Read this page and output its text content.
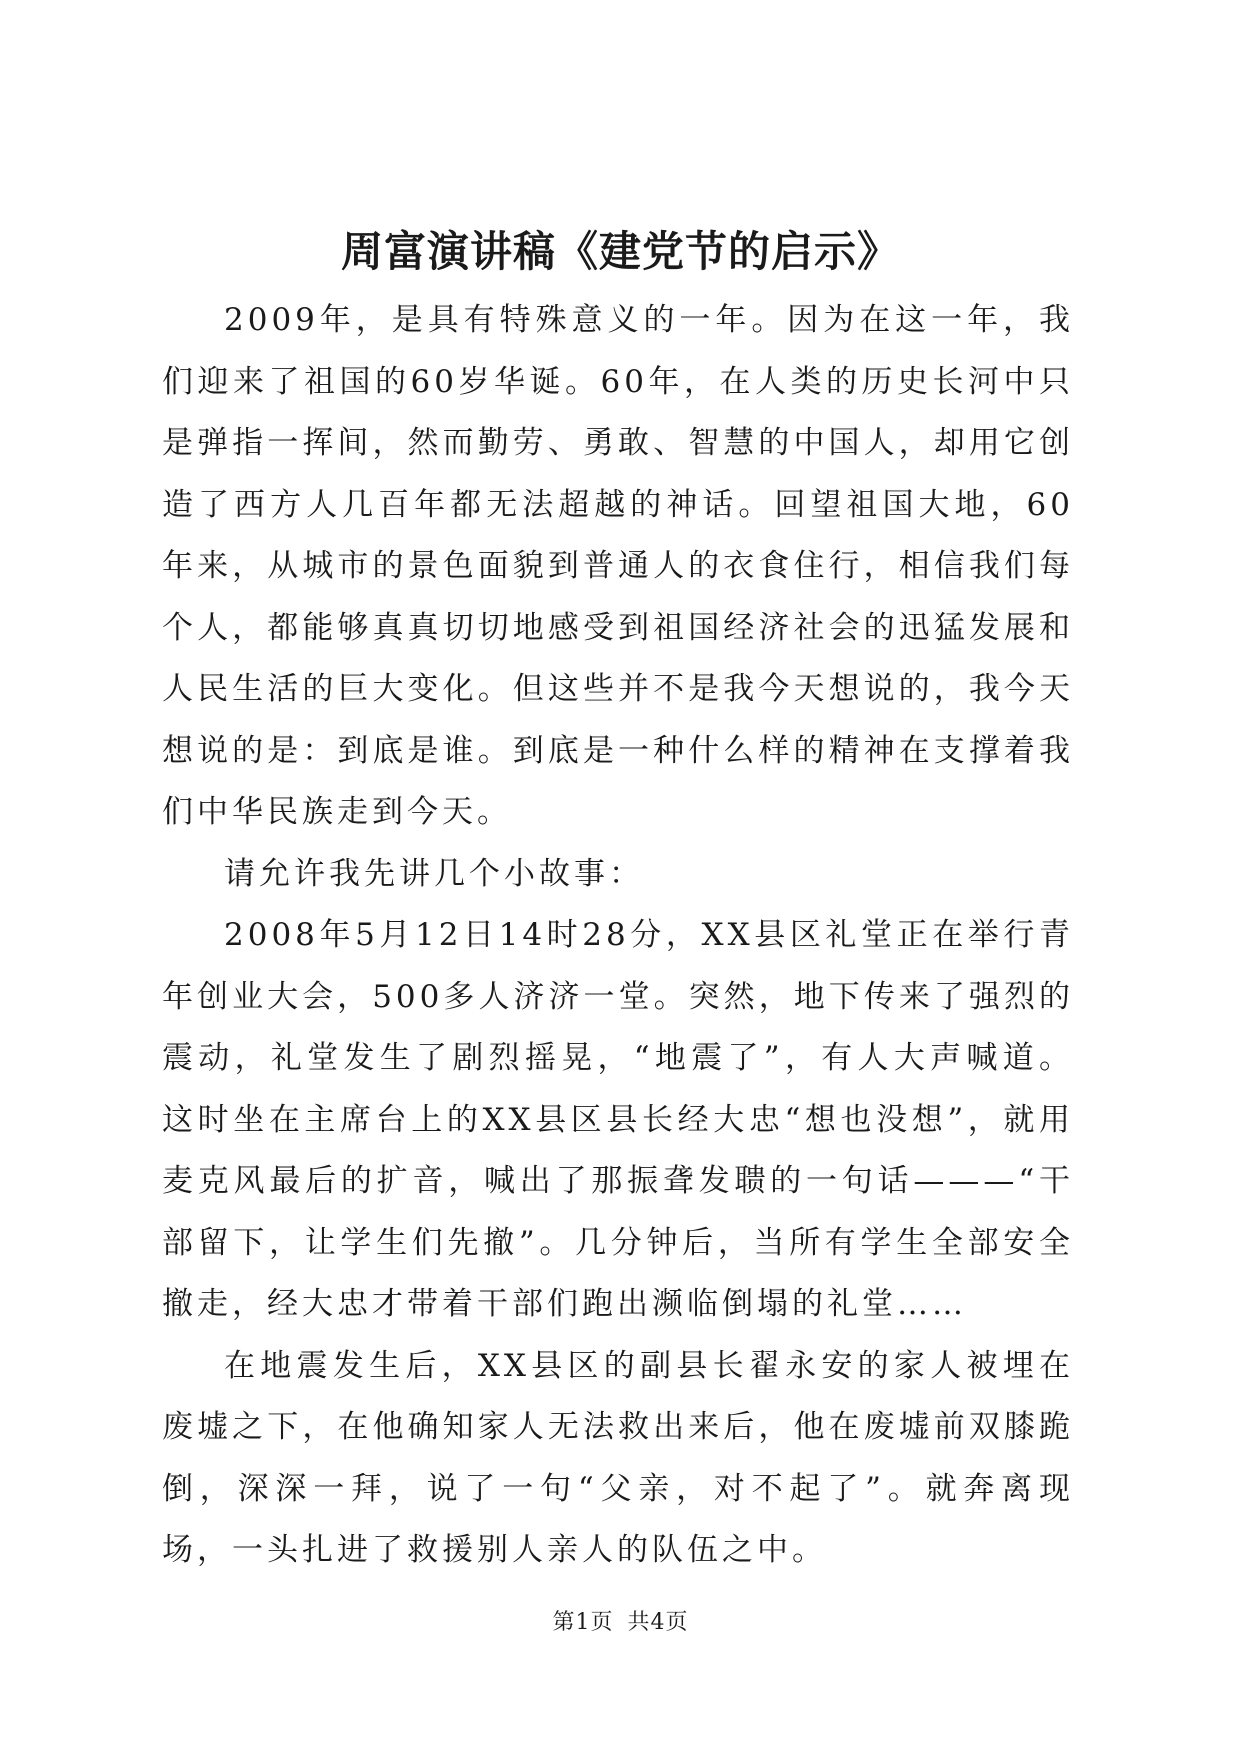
周富演讲稿《建党节的启示》

2009年，是具有特殊意义的一年。因为在这一年，我们迎来了祖国的60岁华诞。60年，在人类的历史长河中只是弹指一挥间，然而勤劳、勇敢、智慧的中国人，却用它创造了西方人几百年都无法超越的神话。回望祖国大地，60年来，从城市的景色面貌到普通人的衣食住行，相信我们每个人，都能够真真切切地感受到祖国经济社会的迅猛发展和人民生活的巨大变化。但这些并不是我今天想说的，我今天想说的是：到底是谁。到底是一种什么样的精神在支撑着我们中华民族走到今天。

请允许我先讲几个小故事：

2008年5月12日14时28分，XX县区礼堂正在举行青年创业大会，500多人济济一堂。突然，地下传来了强烈的震动，礼堂发生了剧烈摇晃，“地震了”，有人大声喊道。这时坐在主席台上的XX县区县长经大忠“想也没想”，就用麦克风最后的扩音，喊出了那振聋发聩的一句话———“干部留下，让学生们先撤”。几分钟后，当所有学生全部安全撤走，经大忠才带着干部们跑出濒临倒塌的礼堂……

在地震发生后，XX县区的副县长翟永安的家人被埋在废墟之下，在他确知家人无法救出来后，他在废墟前双膝跪倒，深深一拜，说了一句“父亲，对不起了”。就奔离现场，一头扎进了救援别人亲人的队伍之中。

第1页 共4页
